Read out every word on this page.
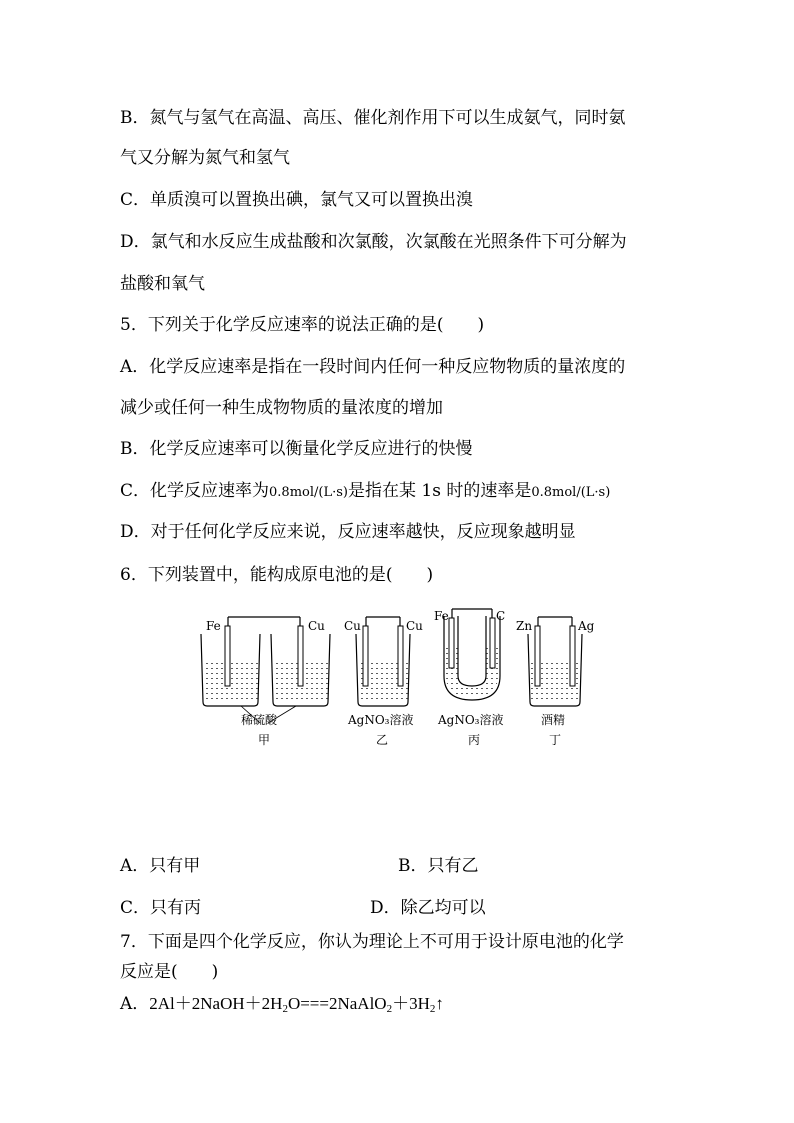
B．氮气与氢气在高温、高压、催化剂作用下可以生成氨气，同时氨
气又分解为氮气和氢气
C．单质溴可以置换出碘，氯气又可以置换出溴
D．氯气和水反应生成盐酸和次氯酸，次氯酸在光照条件下可分解为
盐酸和氧气
5．下列关于化学反应速率的说法正确的是(　　)
A．化学反应速率是指在一段时间内任何一种反应物物质的量浓度的
减少或任何一种生成物物质的量浓度的增加
B．化学反应速率可以衡量化学反应进行的快慢
C．化学反应速率为0.8mol/(L·s)是指在某 1s 时的速率是0.8mol/(L·s)
D．对于任何化学反应来说，反应速率越快，反应现象越明显
6．下列装置中，能构成原电池的是(　　)
Fe	Cu
稀硫酸
甲
Cu	Cu
AgNO₃溶液
乙
Fe	C
AgNO₃溶液
丙
Zn	Ag
酒精
丁
A．只有甲	B．只有乙
C．只有丙	D．除乙均可以
7．下面是四个化学反应，你认为理论上不可用于设计原电池的化学
反应是(　　)
A．$2Al+2NaOH+2H_2O===2NaAlO_2+3H_2↑$
